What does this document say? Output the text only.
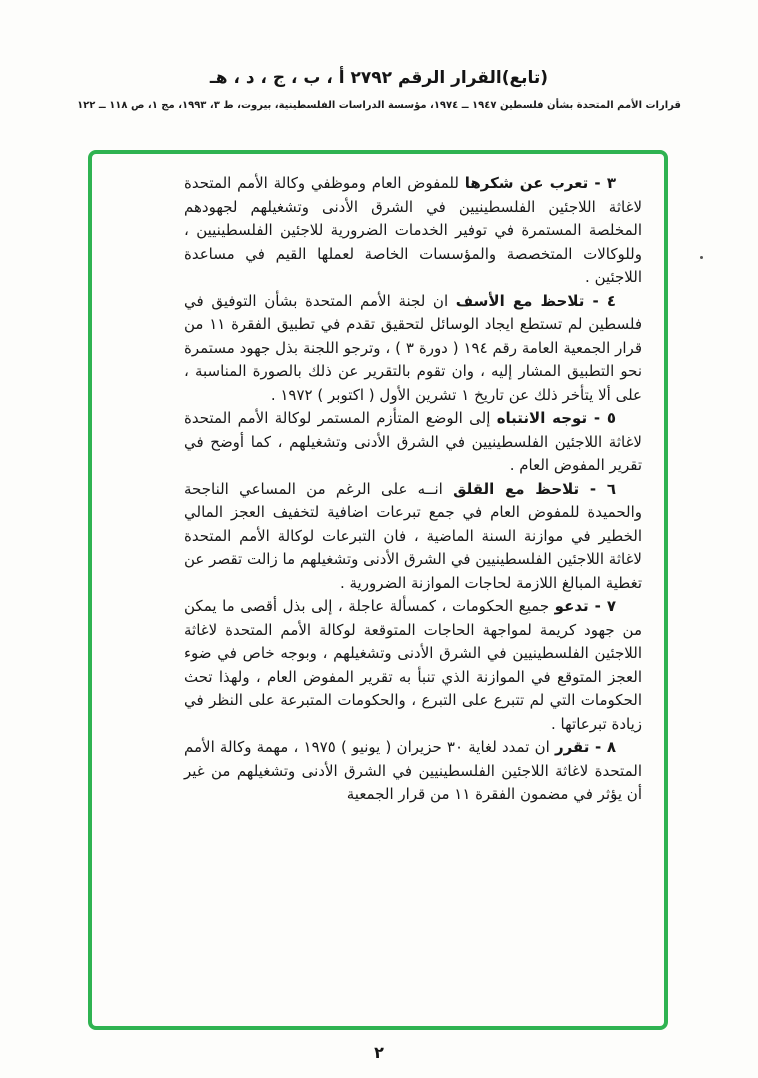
(تابع)القرار الرقم ٢٧٩٢ أ ، ب ، ج ، د ، هـ
قرارات الأمم المتحدة بشأن فلسطين ١٩٤٧ ــ ١٩٧٤، مؤسسة الدراسات الفلسطينية، بيروت، ط ٣، ١٩٩٣، مج ١، ص ١١٨ ــ ١٢٢

٣ - تعرب عن شكرها للمفوض العام وموظفي وكالة الأمم المتحدة لاغاثة اللاجئين الفلسطينيين في الشرق الأدنى وتشغيلهم لجهودهم المخلصة المستمرة في توفير الخدمات الضرورية للاجئين الفلسطينيين ، وللوكالات المتخصصة والمؤسسات الخاصة لعملها القيم في مساعدة اللاجئين .

٤ - تلاحظ مع الأسف ان لجنة الأمم المتحدة بشأن التوفيق في فلسطين لم تستطع ايجاد الوسائل لتحقيق تقدم في تطبيق الفقرة ١١ من قرار الجمعية العامة رقم ١٩٤ ( دورة ٣ ) ، وترجو اللجنة بذل جهود مستمرة نحو التطبيق المشار إليه ، وان تقوم بالتقرير عن ذلك بالصورة المناسبة ، على ألا يتأخر ذلك عن تاريخ ١ تشرين الأول ( اكتوبر ) ١٩٧٢ .

٥ - توجه الانتباه إلى الوضع المتأزم المستمر لوكالة الأمم المتحدة لاغاثة اللاجئين الفلسطينيين في الشرق الأدنى وتشغيلهم ، كما أوضح في تقرير المفوض العام .

٦ - تلاحظ مع القلق انــه على الرغم من المساعي الناجحة والحميدة للمفوض العام في جمع تبرعات اضافية لتخفيف العجز المالي الخطير في موازنة السنة الماضية ، فان التبرعات لوكالة الأمم المتحدة لاغاثة اللاجئين الفلسطينيين في الشرق الأدنى وتشغيلهم ما زالت تقصر عن تغطية المبالغ اللازمة لحاجات الموازنة الضرورية .

٧ - تدعو جميع الحكومات ، كمسألة عاجلة ، إلى بذل أقصى ما يمكن من جهود كريمة لمواجهة الحاجات المتوقعة لوكالة الأمم المتحدة لاغاثة اللاجئين الفلسطينيين في الشرق الأدنى وتشغيلهم ، وبوجه خاص في ضوء العجز المتوقع في الموازنة الذي تنبأ به تقرير المفوض العام ، ولهذا تحث الحكومات التي لم تتبرع على التبرع ، والحكومات المتبرعة على النظر في زيادة تبرعاتها .

٨ - تقرر ان تمدد لغاية ٣٠ حزيران ( يونيو ) ١٩٧٥ ، مهمة وكالة الأمم المتحدة لاغاثة اللاجئين الفلسطينيين في الشرق الأدنى وتشغيلهم من غير أن يؤثر في مضمون الفقرة ١١ من قرار الجمعية

٢
